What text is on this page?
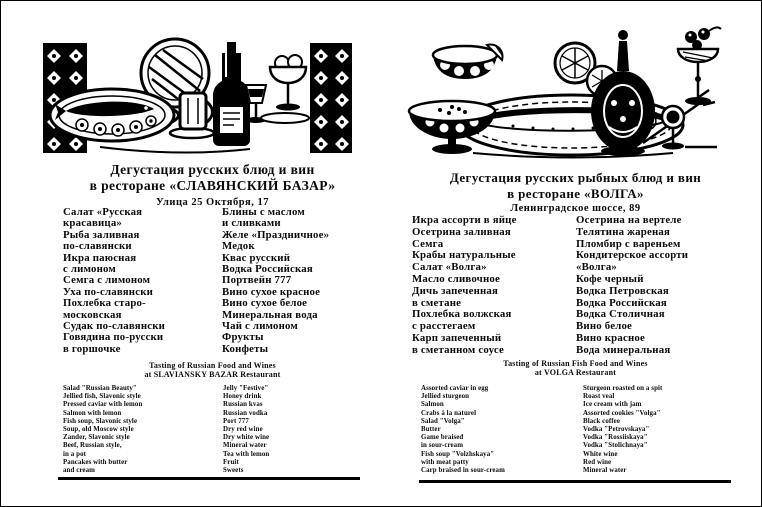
Дегустация русских блюд и вин
в ресторане «СЛАВЯНСКИЙ БАЗАР»
Улица 25 Октября, 17
Салат «Русская
красавица»
Рыба заливная
по-славянски
Икра паюсная
с лимоном
Семга с лимоном
Уха по-славянски
Похлебка старо-
московская
Судак по-славянски
Говядина по-русски
в горшочке
Блины с маслом
и сливками
Желе «Праздничное»
Медок
Квас русский
Водка Российская
Портвейн 777
Вино сухое красное
Вино сухое белое
Минеральная вода
Чай с лимоном
Фрукты
Конфеты
Tasting of Russian Food and Wines
at SLAVIANSKY BAZAR Restaurant
Salad "Russian Beauty"
Jellied fish, Slavonic style
Pressed caviar with lemon
Salmon with lemon
Fish soup, Slavonic style
Soup, old Moscow style
Zander, Slavonic style
Beef, Russian style,
in a pot
Pancakes with butter
and cream
Jelly "Festive"
Honey drink
Russian kvas
Russian vodka
Port 777
Dry red wine
Dry white wine
Mineral water
Tea with lemon
Fruit
Sweets
Дегустация русских рыбных блюд и вин
в ресторане «ВОЛГА»
Ленинградское шоссе, 89
Икра ассорти в яйце
Осетрина заливная
Семга
Крабы натуральные
Салат «Волга»
Масло сливочное
Дичь запеченная
в сметане
Похлебка волжская
с расстегаем
Карп запеченный
в сметанном соусе
Осетрина на вертеле
Телятина жареная
Пломбир с вареньем
Кондитерское ассорти
«Волга»
Кофе черный
Водка Петровская
Водка Российская
Водка Столичная
Вино белое
Вино красное
Вода минеральная
Tasting of Russian Fish Food and Wines
at VOLGA Restaurant
Assorted caviar in egg
Jellied sturgeon
Salmon
Crabs à la naturel
Salad "Volga"
Butter
Game braised
in sour-cream
Fish soup "Volzhskaya"
with meat patty
Carp braised in sour-cream
Sturgeon roasted on a spit
Roast veal
Ice cream with jam
Assorted cookies "Volga"
Black coffee
Vodka "Petrovskaya"
Vodka "Rossiiskaya"
Vodka "Stolichnaya"
White wine
Red wine
Mineral water
